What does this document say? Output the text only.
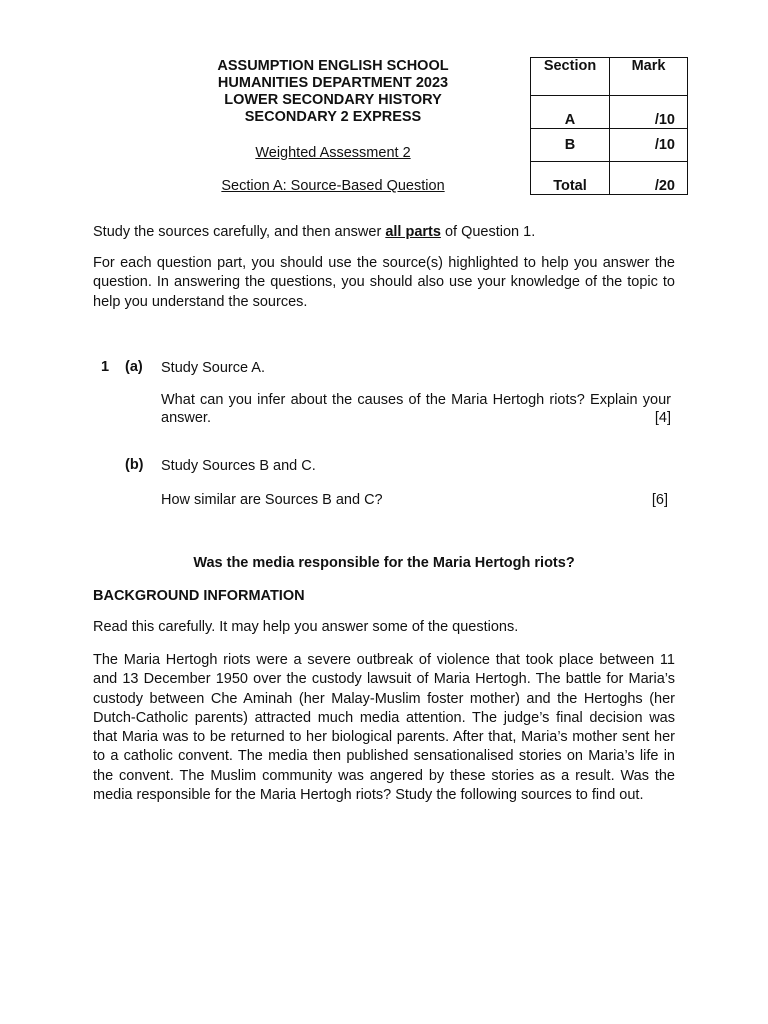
ASSUMPTION ENGLISH SCHOOL

HUMANITIES DEPARTMENT 2023

LOWER SECONDARY HISTORY

SECONDARY 2 EXPRESS

Weighted Assessment 2

Section A: Source-Based Question

Section	Mark
A	/10
B	/10
Total	/20

Study the sources carefully, and then answer all parts of Question 1.

For each question part, you should use the source(s) highlighted to help you answer the question. In answering the questions, you should also use your knowledge of the topic to help you understand the sources.

1 (a) Study Source A.
What can you infer about the causes of the Maria Hertogh riots? Explain your answer.	[4]
(b) Study Sources B and C.
How similar are Sources B and C?	[6]
Was the media responsible for the Maria Hertogh riots?
BACKGROUND INFORMATION

Read this carefully. It may help you answer some of the questions.

The Maria Hertogh riots were a severe outbreak of violence that took place between 11 and 13 December 1950 over the custody lawsuit of Maria Hertogh. The battle for Maria’s custody between Che Aminah (her Malay-Muslim foster mother) and the Hertoghs (her Dutch-Catholic parents) attracted much media attention. The judge’s final decision was that Maria was to be returned to her biological parents. After that, Maria’s mother sent her to a catholic convent. The media then published sensationalised stories on Maria’s life in the convent. The Muslim community was angered by these stories as a result. Was the media responsible for the Maria Hertogh riots? Study the following sources to find out.
